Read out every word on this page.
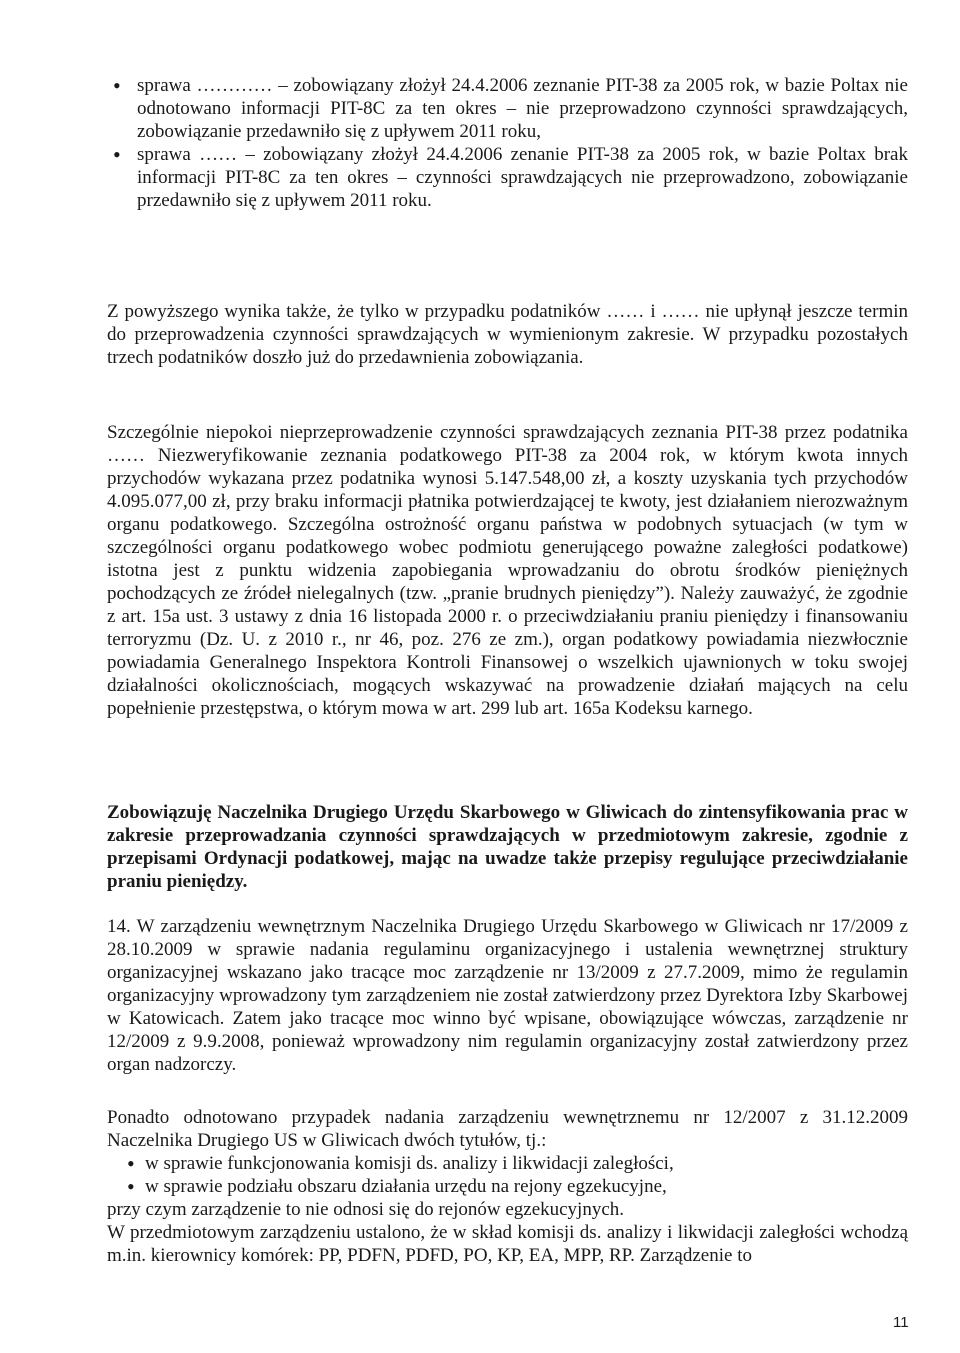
• sprawa ………… – zobowiązany złożył 24.4.2006 zeznanie PIT-38 za 2005 rok, w bazie Poltax nie odnotowano informacji PIT-8C za ten okres – nie przeprowadzono czynności sprawdzających, zobowiązanie przedawniło się z upływem 2011 roku,
• sprawa …… – zobowiązany złożył 24.4.2006 zenanie PIT-38 za 2005 rok, w bazie Poltax brak informacji PIT-8C za ten okres – czynności sprawdzających nie przeprowadzono, zobowiązanie przedawniło się z upływem 2011 roku.

Z powyższego wynika także, że tylko w przypadku podatników …… i …… nie upłynął jeszcze termin do przeprowadzenia czynności sprawdzających w wymienionym zakresie. W przypadku pozostałych trzech podatników doszło już do przedawnienia zobowiązania.

Szczególnie niepokoi nieprzeprowadzenie czynności sprawdzających zeznania PIT-38 przez podatnika …… Niezweryfikowanie zeznania podatkowego PIT-38 za 2004 rok, w którym kwota innych przychodów wykazana przez podatnika wynosi 5.147.548,00 zł, a koszty uzyskania tych przychodów 4.095.077,00 zł, przy braku informacji płatnika potwierdzającej te kwoty, jest działaniem nierozważnym organu podatkowego. Szczególna ostrożność organu państwa w podobnych sytuacjach (w tym w szczególności organu podatkowego wobec podmiotu generującego poważne zaległości podatkowe) istotna jest z punktu widzenia zapobiegania wprowadzaniu do obrotu środków pieniężnych pochodzących ze źródeł nielegalnych (tzw. „pranie brudnych pieniędzy”). Należy zauważyć, że zgodnie z art. 15a ust. 3 ustawy z dnia 16 listopada 2000 r. o przeciwdziałaniu praniu pieniędzy i finansowaniu terroryzmu (Dz. U. z 2010 r., nr 46, poz. 276 ze zm.), organ podatkowy powiadamia niezwłocznie powiadamia Generalnego Inspektora Kontroli Finansowej o wszelkich ujawnionych w toku swojej działalności okolicznościach, mogących wskazywać na prowadzenie działań mających na celu popełnienie przestępstwa, o którym mowa w art. 299 lub art. 165a Kodeksu karnego.

Zobowiązuję Naczelnika Drugiego Urzędu Skarbowego w Gliwicach do zintensyfikowania prac w zakresie przeprowadzania czynności sprawdzających w przedmiotowym zakresie, zgodnie z przepisami Ordynacji podatkowej, mając na uwadze także przepisy regulujące przeciwdziałanie praniu pieniędzy.

14. W zarządzeniu wewnętrznym Naczelnika Drugiego Urzędu Skarbowego w Gliwicach nr 17/2009 z 28.10.2009 w sprawie nadania regulaminu organizacyjnego i ustalenia wewnętrznej struktury organizacyjnej wskazano jako tracące moc zarządzenie nr 13/2009 z 27.7.2009, mimo że regulamin organizacyjny wprowadzony tym zarządzeniem nie został zatwierdzony przez Dyrektora Izby Skarbowej w Katowicach. Zatem jako tracące moc winno być wpisane, obowiązujące wówczas, zarządzenie nr 12/2009 z 9.9.2008, ponieważ wprowadzony nim regulamin organizacyjny został zatwierdzony przez organ nadzorczy.

Ponadto odnotowano przypadek nadania zarządzeniu wewnętrznemu nr 12/2007 z 31.12.2009 Naczelnika Drugiego US w Gliwicach dwóch tytułów, tj.:

• w sprawie funkcjonowania komisji ds. analizy i likwidacji zaległości,
• w sprawie podziału obszaru działania urzędu na rejony egzekucyjne,

przy czym zarządzenie to nie odnosi się do rejonów egzekucyjnych.

W przedmiotowym zarządzeniu ustalono, że w skład komisji ds. analizy i likwidacji zaległości wchodzą m.in. kierownicy komórek: PP, PDFN, PDFD, PO, KP, EA, MPP, RP. Zarządzenie to

11
